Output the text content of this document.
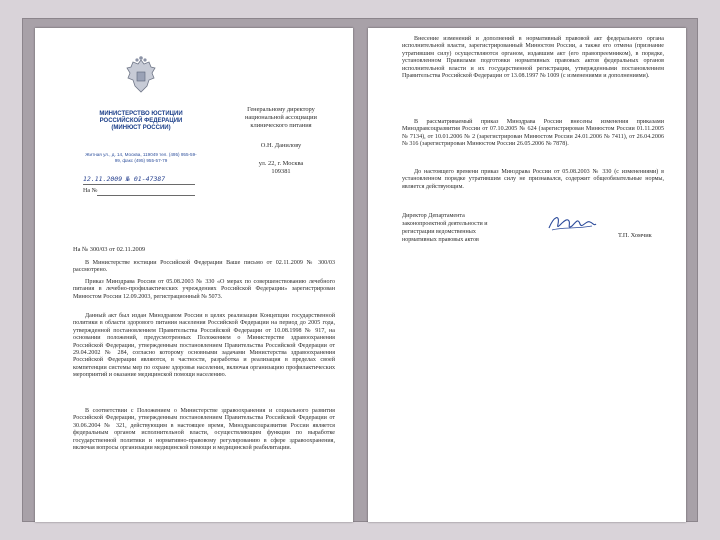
МИНИСТЕРСТВО ЮСТИЦИИ РОССИЙСКОЙ ФЕДЕРАЦИИ (МИНЮСТ РОССИИ)

Житная ул., д. 14, Москва, 119049 тел. (495) 955-59-99, факс (495) 955-57-79

12.11.2009 № 01-47387

На №

Генеральному директору национальной ассоциации клинического питания

О.Н. Данилову

ул. 22, г. Москва 109381

На № 300/03 от 02.11.2009

В Министерстве юстиции Российской Федерации Ваше письмо от 02.11.2009 № 300/03 рассмотрено.

Приказ Минздрава России от 05.08.2003 № 330 «О мерах по совершенствованию лечебного питания в лечебно-профилактических учреждениях Российской Федерации» зарегистрирован Минюстом России 12.09.2003, регистрационный № 5073.

Данный акт был издан Минздравом России в целях реализации Концепции государственной политики в области здорового питания населения Российской Федерации на период до 2005 года, утвержденной постановлением Правительства Российской Федерации от 10.08.1998 № 917, на основании положений, предусмотренных Положением о Министерстве здравоохранения Российской Федерации, утвержденным постановлением Правительства Российской Федерации от 29.04.2002 № 284, согласно которому основными задачами Министерства здравоохранения Российской Федерации являются, в частности, разработка и реализация в пределах своей компетенции системы мер по охране здоровья населения, включая организацию профилактических мероприятий и оказание медицинской помощи населению.

В соответствии с Положением о Министерстве здравоохранения и социального развития Российской Федерации, утвержденным постановлением Правительства Российской Федерации от 30.06.2004 № 321, действующим в настоящее время, Минздравсоцразвития России является федеральным органом исполнительной власти, осуществляющим функции по выработке государственной политики и нормативно-правовому регулированию в сфере здравоохранения, включая вопросы организации медицинской помощи и медицинской реабилитации.

Внесение изменений и дополнений в нормативный правовой акт федерального органа исполнительной власти, зарегистрированный Минюстом России, а также его отмена (признание утратившим силу) осуществляются органом, издавшим акт (его правопреемником), в порядке, установленном Правилами подготовки нормативных правовых актов федеральных органов исполнительной власти и их государственной регистрации, утвержденными постановлением Правительства Российской Федерации от 13.08.1997 № 1009 (с изменениями и дополнениями).

В рассматриваемый приказ Минздрава России внесены изменения приказами Минздравсоцразвития России от 07.10.2005 № 624 (зарегистрирован Минюстом России 01.11.2005 № 7134), от 10.01.2006 № 2 (зарегистрирован Минюстом России 24.01.2006 № 7411), от 26.04.2006 № 316 (зарегистрирован Минюстом России 26.05.2006 № 7878).

До настоящего времени приказ Минздрава России от 05.08.2003 № 330 (с изменениями) в установленном порядке утратившим силу не признавался, содержит общеобязательные нормы, является действующим.

Директор Департамента законопроектной деятельности и регистрации ведомственных нормативных правовых актов

Т.П. Хомчик
